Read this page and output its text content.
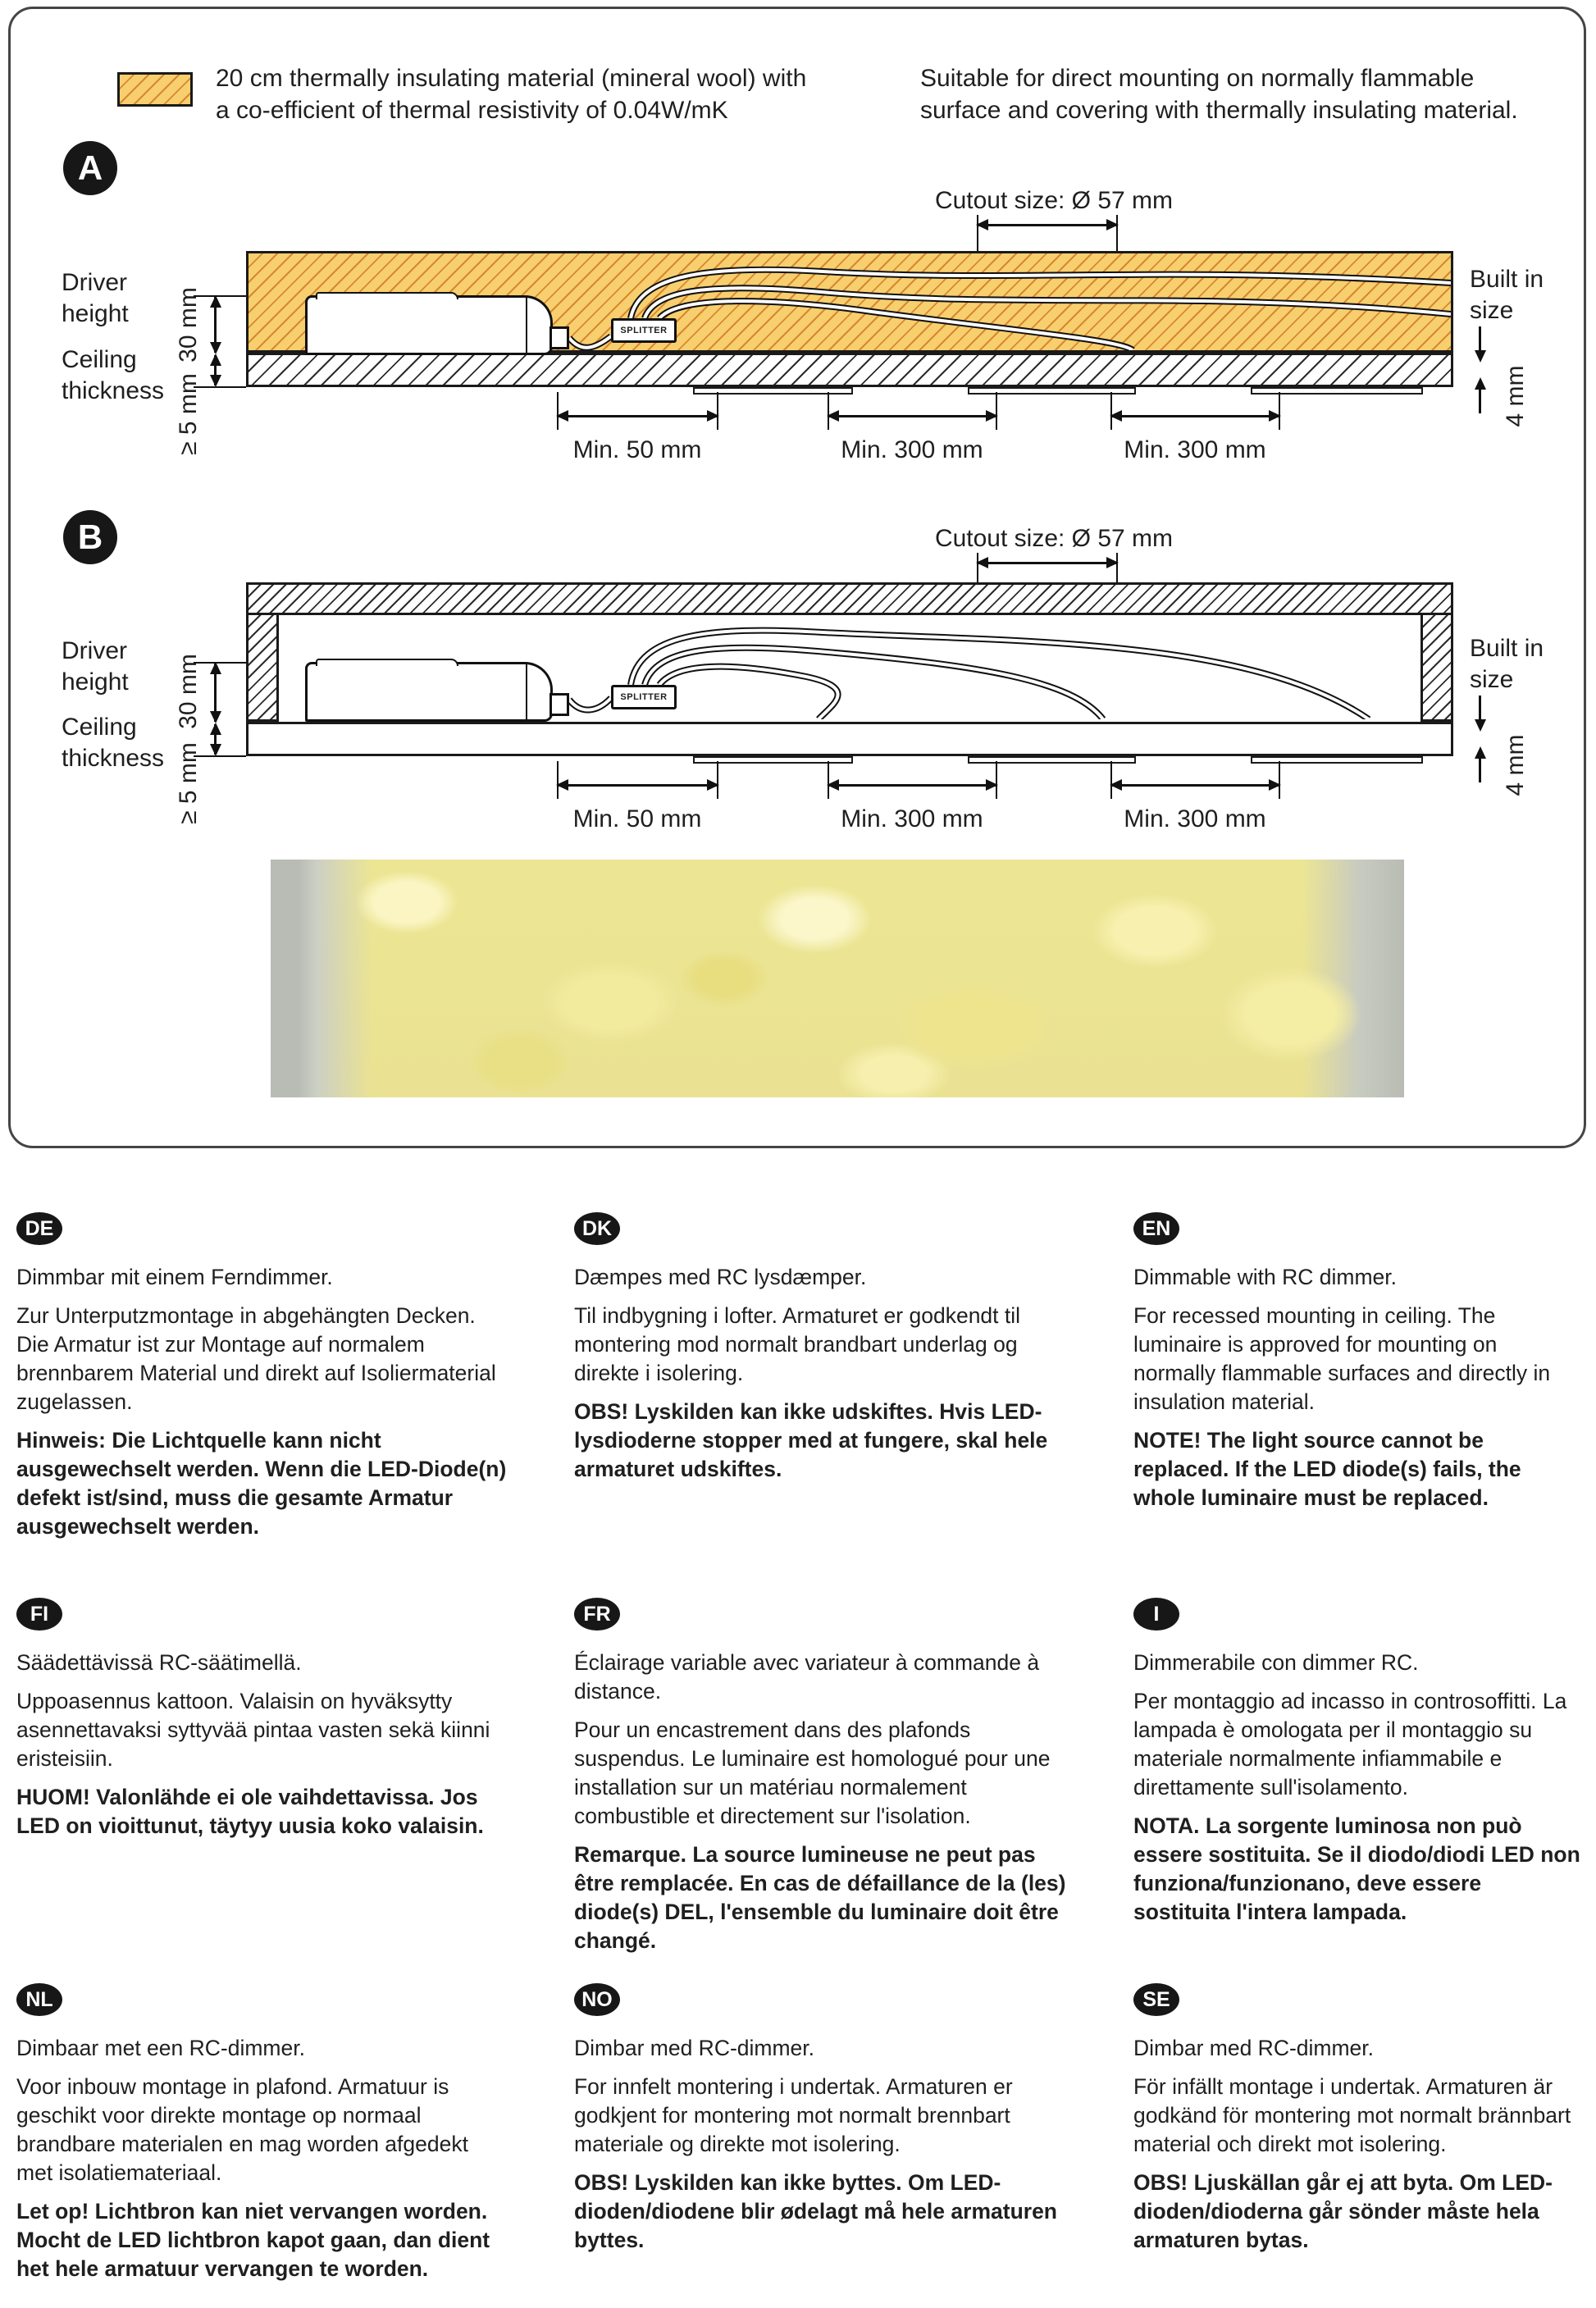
20 cm thermally insulating material (mineral wool) with
a co-efficient of thermal resistivity of 0.04W/mK
Suitable for direct mounting on normally flammable
surface and covering with thermally insulating material.
A
Cutout size: Ø 57 mm
SPLITTER
Driver height	30 mm
Ceiling thickness ≥ 5 mm
Built in size
4 mm
Min. 50 mm	Min. 300 mm	Min. 300 mm
B	Cutout size: Ø 57 mm
SPLITTER
Driver height	30 mm
Ceiling thickness ≥ 5 mm
Built in size
4 mm
Min. 50 mm	Min. 300 mm	Min. 300 mm
DE

Dimmbar mit einem Ferndimmer.

Zur Unterputzmontage in abgehängten Decken. Die Armatur ist zur Montage auf normalem brennbarem Material und direkt auf Isoliermaterial zugelassen.

Hinweis: Die Lichtquelle kann nicht ausgewechselt werden. Wenn die LED-Diode(n) defekt ist/sind, muss die gesamte Armatur ausgewechselt werden.

DK

Dæmpes med RC lysdæmper.

Til indbygning i lofter. Armaturet er godkendt til montering mod normalt brandbart underlag og direkte i isolering.

OBS! Lyskilden kan ikke udskiftes. Hvis LED-lysdioderne stopper med at fungere, skal hele armaturet udskiftes.

EN

Dimmable with RC dimmer.

For recessed mounting in ceiling. The luminaire is approved for mounting on normally flammable surfaces and directly in insulation material.

NOTE! The light source cannot be replaced. If the LED diode(s) fails, the whole luminaire must be replaced.

FI

Säädettävissä RC-säätimellä.

Uppoasennus kattoon. Valaisin on hyväksytty asennettavaksi syttyvää pintaa vasten sekä kiinni eristeisiin.

HUOM! Valonlähde ei ole vaihdettavissa. Jos LED on vioittunut, täytyy uusia koko valaisin.

FR

Éclairage variable avec variateur à commande à distance.

Pour un encastrement dans des plafonds suspendus. Le luminaire est homologué pour une installation sur un matériau normalement combustible et directement sur l'isolation.

Remarque. La source lumineuse ne peut pas être remplacée. En cas de défaillance de la (les) diode(s) DEL, l'ensemble du luminaire doit être changé.

I

Dimmerabile con dimmer RC.

Per montaggio ad incasso in controsoffitti. La lampada è omologata per il montaggio su materiale normalmente infiammabile e direttamente sull'isolamento.

NOTA. La sorgente luminosa non può essere sostituita. Se il diodo/diodi LED non funziona/funzionano, deve essere sostituita l'intera lampada.

NL

Dimbaar met een RC-dimmer.

Voor inbouw montage in plafond. Armatuur is geschikt voor direkte montage op normaal brandbare materialen en mag worden afgedekt met isolatiemateriaal.

Let op! Lichtbron kan niet vervangen worden. Mocht de LED lichtbron kapot gaan, dan dient het hele armatuur vervangen te worden.

NO

Dimbar med RC-dimmer.

For innfelt montering i undertak. Armaturen er godkjent for montering mot normalt brennbart materiale og direkte mot isolering.

OBS! Lyskilden kan ikke byttes. Om LED-dioden/diodene blir ødelagt må hele armaturen byttes.

SE

Dimbar med RC-dimmer.

För infällt montage i undertak. Armaturen är godkänd för montering mot normalt brännbart material och direkt mot isolering.

OBS! Ljuskällan går ej att byta. Om LED-dioden/dioderna går sönder måste hela armaturen bytas.
